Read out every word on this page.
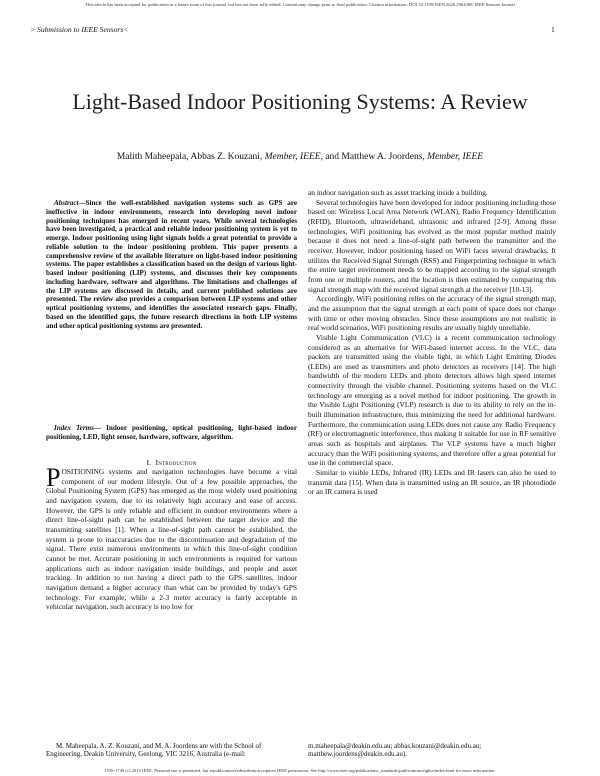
This article has been accepted for publication in a future issue of this journal, but has not been fully edited. Content may change prior to final publication. Citation information: DOI 10.1109/JSEN.2020.2964380, IEEE Sensors Journal
> Submission to IEEE Sensors<	1
Light-Based Indoor Positioning Systems: A Review
Malith Maheepala, Abbas Z. Kouzani, Member, IEEE, and Matthew A. Joordens, Member, IEEE
Abstract—Since the well-established navigation systems such as GPS are ineffective in indoor environments, research into developing novel indoor positioning techniques has emerged in recent years. While several technologies have been investigated, a practical and reliable indoor positioning system is yet to emerge. Indoor positioning using light signals holds a great potential to provide a reliable solution to the indoor positioning problem. This paper presents a comprehensive review of the available literature on light-based indoor positioning systems. The paper establishes a classification based on the design of various light-based indoor positioning (LIP) systems, and discusses their key components including hardware, software and algorithms. The limitations and challenges of the LIP systems are discussed in details, and current published solutions are presented. The review also provides a comparison between LIP systems and other optical positioning systems, and identifies the associated research gaps. Finally, based on the identified gaps, the future research directions in both LIP systems and other optical positioning systems are presented.
Index Terms— Indoor positioning, optical positioning, light-based indoor positioning, LED, light sensor, hardware, software, algorithm.
I. Introduction
POSITIONING systems and navigation technologies have become a vital component of our modern lifestyle. Out of a few possible approaches, the Global Positioning System (GPS) has emerged as the most widely used positioning and navigation system, due to its relatively high accuracy and ease of access. However, the GPS is only reliable and efficient in outdoor environments where a direct line-of-sight path can be established between the target device and the transmitting satellites [1]. When a line-of-sight path cannot be established, the system is prone to inaccuracies due to the discontinuation and degradation of the signal. There exist numerous environments in which this line-of-sight condition cannot be met. Accurate positioning in such environments is required for various applications such as indoor navigation inside buildings, and people and asset tracking. In addition to not having a direct path to the GPS satellites, indoor navigation demand a higher accuracy than what can be provided by today's GPS technology. For example, while a 2-3 meter accuracy is fairly acceptable in vehicular navigation, such accuracy is too low for

an indoor navigation such as asset tracking inside a building.

Several technologies have been developed for indoor positioning including those based on: Wireless Local Area Network (WLAN), Radio Frequency Identification (RFID), Bluetooth, ultrawideband, ultrasonic and infrared [2-9]. Among these technologies, WiFi positioning has evolved as the most popular method mainly because it does not need a line-of-sight path between the transmitter and the receiver. However, indoor positioning based on WiFi faces several drawbacks. It utilizes the Received Signal Strength (RSS) and Fingerprinting technique in which the entire target environment needs to be mapped according to the signal strength from one or multiple routers, and the location is then estimated by comparing this signal strength map with the received signal strength at the receiver [10-13].

Accordingly, WiFi positioning relies on the accuracy of the signal strength map, and the assumption that the signal strength at each point of space does not change with time or other moving obstacles. Since these assumptions are not realistic in real world scenarios, WiFi positioning results are usually highly unreliable.

Visible Light Communication (VLC) is a recent communication technology considered as an alternative for WiFi-based internet access. In the VLC, data packets are transmitted using the visible light, in which Light Emitting Diodes (LEDs) are used as transmitters and photo detectors as receivers [14]. The high bandwidth of the modern LEDs and photo detectors allows high speed internet connectivity through the visible channel. Positioning systems based on the VLC technology are emerging as a novel method for indoor positioning. The growth in the Visible Light Positioning (VLP) research is due to its ability to rely on the in-built illumination infrastructure, thus minimizing the need for additional hardware. Furthermore, the communication using LEDs does not cause any Radio Frequency (RF) or electromagnetic interference, thus making it suitable for use in RF sensitive areas such as hospitals and airplanes. The VLP systems have a much higher accuracy than the WiFi positioning systems, and therefore offer a great potential for use in the commercial space.

Similar to visible LEDs, Infrared (IR) LEDs and IR lasers can also be used to transmit data [15]. When data is transmitted using an IR source, an IR photodiode or an IR camera is used

M. Maheepala, A. Z. Kouzani, and M. A. Joordens are with the School of Engineering, Deakin University, Geelong, VIC 3216, Australia (e-mail:
m.maheepala@deakin.edu.au; abbas.kouzani@deakin.edu.au;
matthew.joordens@deakin.edu.au).
1558-1748 (c) 2019 IEEE. Personal use is permitted, but republication/redistribution requires IEEE permission. See http://www.ieee.org/publications_standards/publications/rights/index.html for more information.
